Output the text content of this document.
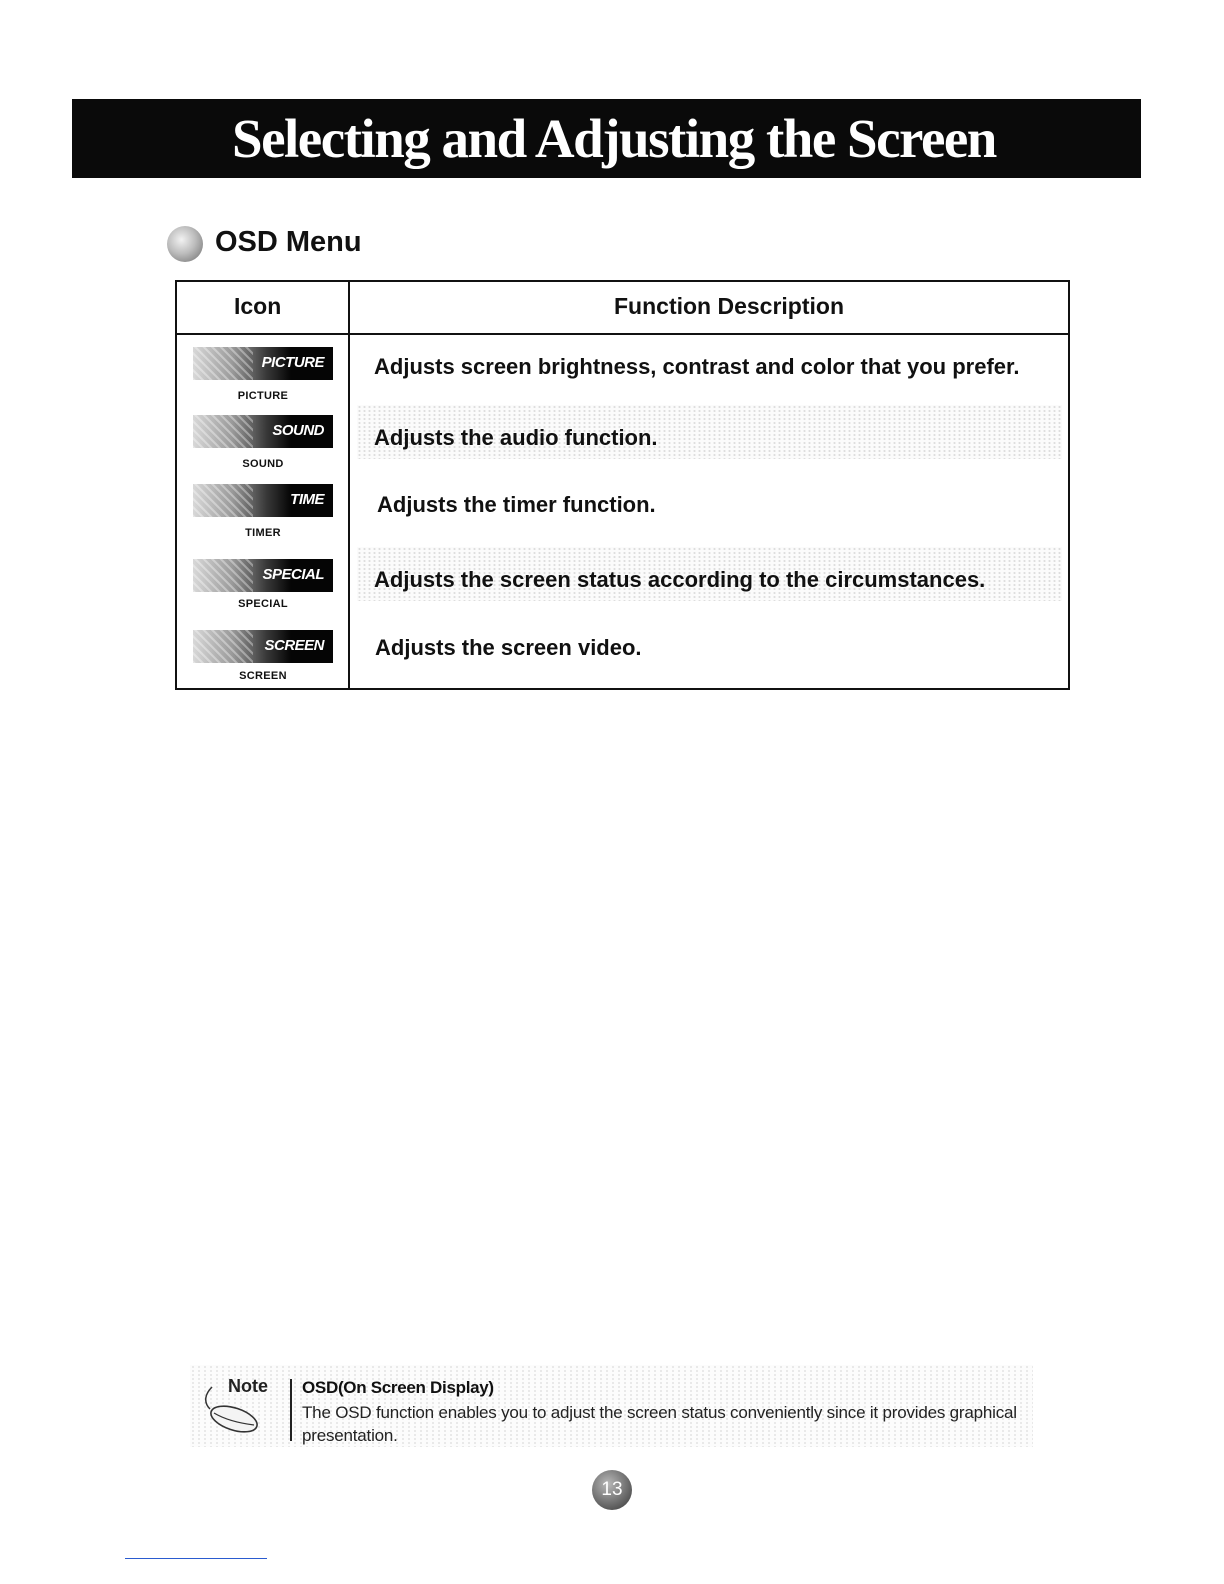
Selecting and Adjusting the Screen
OSD Menu
Icon	Function Description
PICTURE
PICTURE
Adjusts screen brightness, contrast and color that you prefer.
SOUND
SOUND
Adjusts the audio function.
TIME
TIMER
Adjusts the timer function.
SPECIAL
SPECIAL
Adjusts the screen status according to the circumstances.
SCREEN
SCREEN
Adjusts the screen video.
Note OSD(On Screen Display)
The OSD function enables you to adjust the screen status conveniently since it provides graphical presentation.
13
